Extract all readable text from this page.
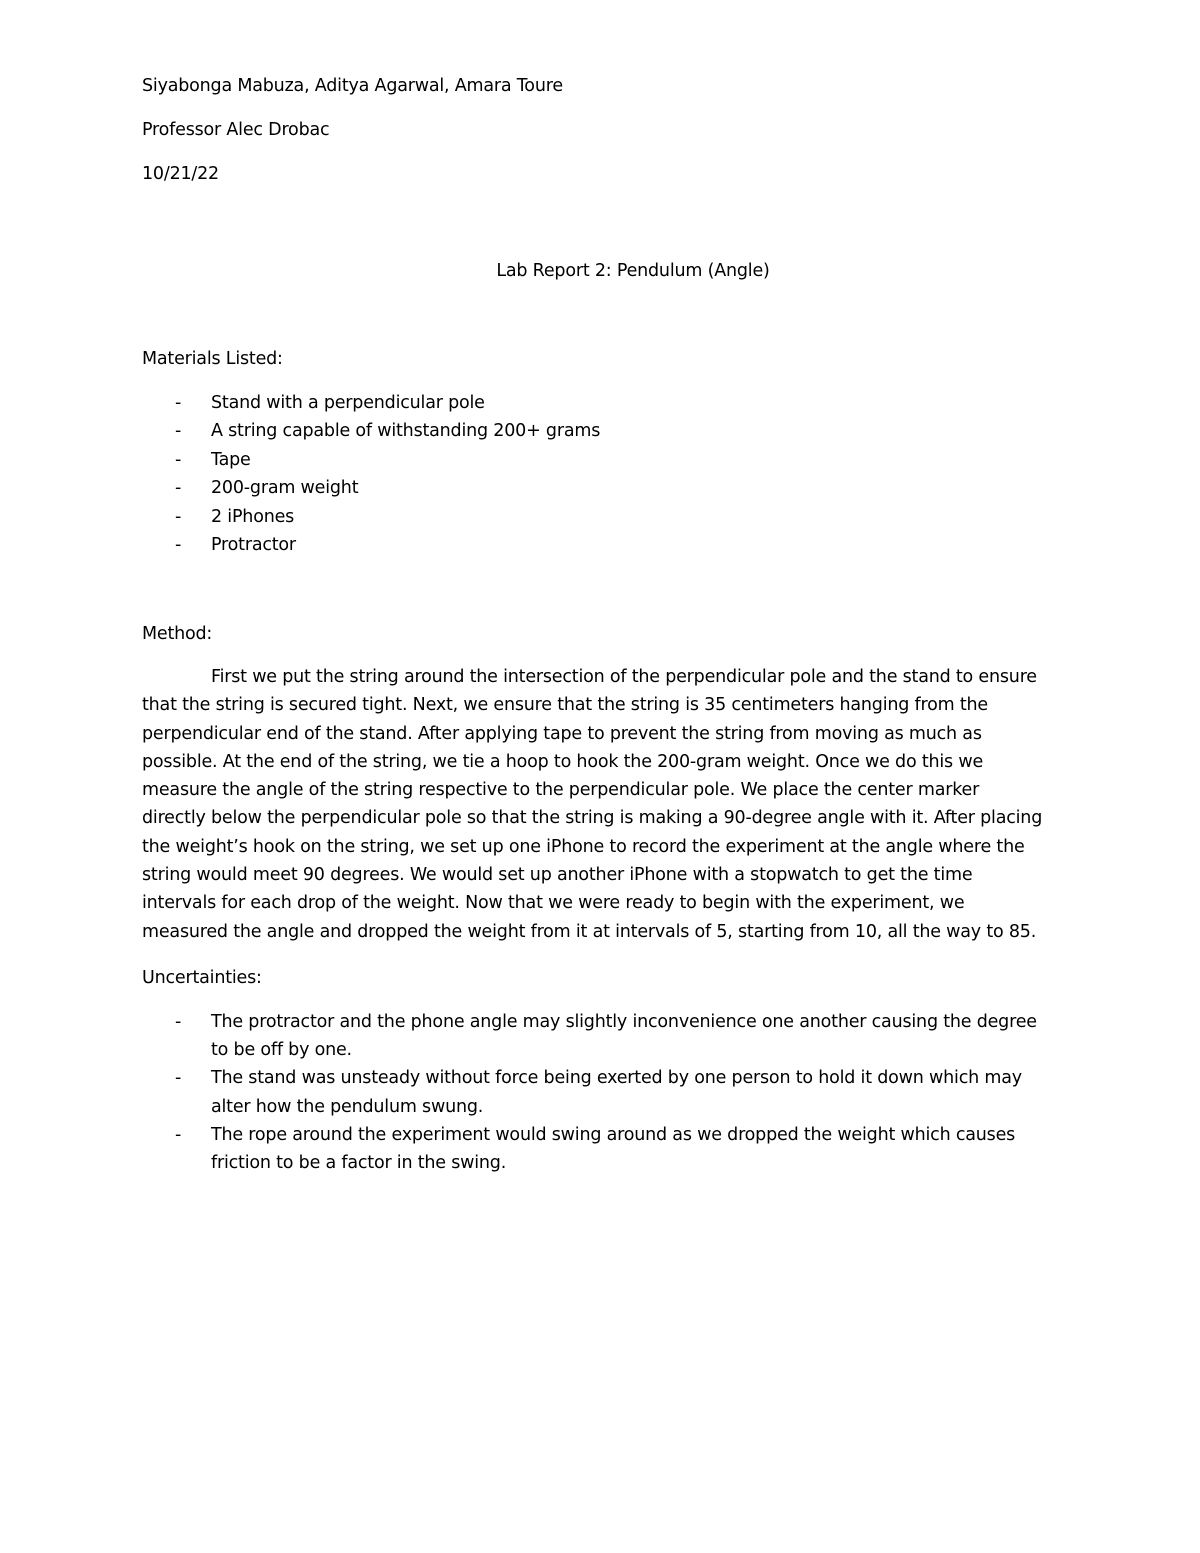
Siyabonga Mabuza, Aditya Agarwal, Amara Toure

Professor Alec Drobac

10/21/22

Lab Report 2: Pendulum (Angle)

Materials Listed:

- Stand with a perpendicular pole
- A string capable of withstanding 200+ grams
- Tape
- 200-gram weight
- 2 iPhones
- Protractor

Method:

First we put the string around the intersection of the perpendicular pole and the stand to ensure
that the string is secured tight. Next, we ensure that the string is 35 centimeters hanging from the
perpendicular end of the stand. After applying tape to prevent the string from moving as much as
possible. At the end of the string, we tie a hoop to hook the 200-gram weight. Once we do this we
measure the angle of the string respective to the perpendicular pole. We place the center marker
directly below the perpendicular pole so that the string is making a 90-degree angle with it. After placing
the weight’s hook on the string, we set up one iPhone to record the experiment at the angle where the
string would meet 90 degrees. We would set up another iPhone with a stopwatch to get the time
intervals for each drop of the weight. Now that we were ready to begin with the experiment, we
measured the angle and dropped the weight from it at intervals of 5, starting from 10, all the way to 85.

Uncertainties:

- The protractor and the phone angle may slightly inconvenience one another causing the degree
to be off by one.
- The stand was unsteady without force being exerted by one person to hold it down which may
alter how the pendulum swung.
- The rope around the experiment would swing around as we dropped the weight which causes
friction to be a factor in the swing.
